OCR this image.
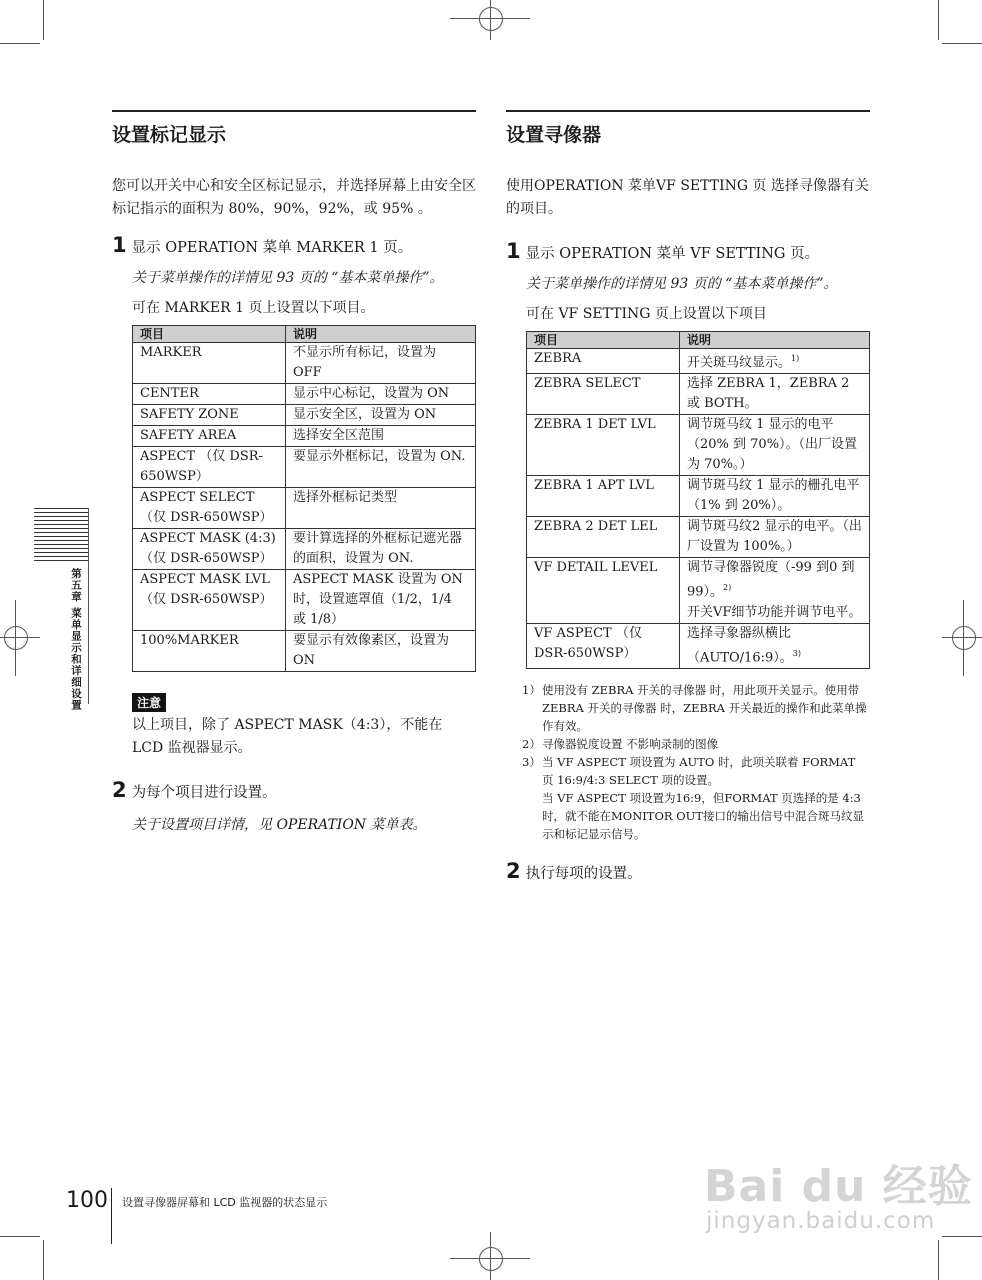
第五章 菜单显示和详细设置
设置标记显示
您可以开关中心和安全区标记显示，并选择屏幕上由安全区标记指示的面积为 80%，90%，92%，或 95% 。
1 显示 OPERATION 菜单 MARKER 1 页。
关于菜单操作的详情见 93 页的 “基本菜单操作”。
可在 MARKER 1 页上设置以下项目。
项目	说明
MARKER	不显示所有标记，设置为 OFF
CENTER	显示中心标记，设置为 ON
SAFETY ZONE	显示安全区，设置为 ON
SAFETY AREA	选择安全区范围
ASPECT （仅 DSR-650WSP）	要显示外框标记，设置为 ON.
ASPECT SELECT （仅 DSR-650WSP）	选择外框标记类型
ASPECT MASK (4:3) （仅 DSR-650WSP）	要计算选择的外框标记遮光器的面积，设置为 ON.
ASPECT MASK LVL （仅 DSR-650WSP）	ASPECT MASK 设置为 ON 时，设置遮罩值（1/2，1/4 或 1/8）
100%MARKER	要显示有效像素区，设置为ON
注意
以上项目，除了 ASPECT MASK（4:3），不能在 LCD 监视器显示。
2 为每个项目进行设置。
关于设置项目详情，见 OPERATION 菜单表。
设置寻像器
使用OPERATION 菜单VF SETTING 页 选择寻像器有关的项目。
1 显示 OPERATION 菜单 VF SETTING 页。
关于菜单操作的详情见 93 页的 “基本菜单操作”。
可在 VF SETTING 页上设置以下项目
项目	说明
ZEBRA	开关斑马纹显示。$^{1)}$
ZEBRA SELECT	选择 ZEBRA 1，ZEBRA 2 或 BOTH。
ZEBRA 1 DET LVL	调节斑马纹 1 显示的电平（20% 到 70%）。（出厂设置为 70%。）
ZEBRA 1 APT LVL	调节斑马纹 1 显示的栅孔电平（1% 到 20%）。
ZEBRA 2 DET LEL	调节斑马纹2 显示的电平。（出厂设置为 100%。）
VF DETAIL LEVEL	调节寻像器锐度（-99 到0 到99）。$^{2)}$
开关VF细节功能并调节电平。
VF ASPECT （仅 DSR-650WSP）	选择寻象器纵横比（AUTO/16:9）。$^{3)}$
1） 使用没有 ZEBRA 开关的寻像器 时，用此项开关显示。使用带 ZEBRA 开关的寻像器 时，ZEBRA 开关最近的操作和此菜单操作有效。
2） 寻像器锐度设置 不影响录制的图像
3） 当 VF ASPECT 项设置为 AUTO 时，此项关联着 FORMAT 页 16:9/4:3 SELECT 项的设置。
当 VF ASPECT 项设置为16:9，但FORMAT 页选择的是 4:3 时，就不能在MONITOR OUT接口的输出信号中混合斑马纹显示和标记显示信号。
2 执行每项的设置。
100 设置寻像器屏幕和 LCD 监视器的状态显示	Bai du 经验
jingyan.baidu.com
